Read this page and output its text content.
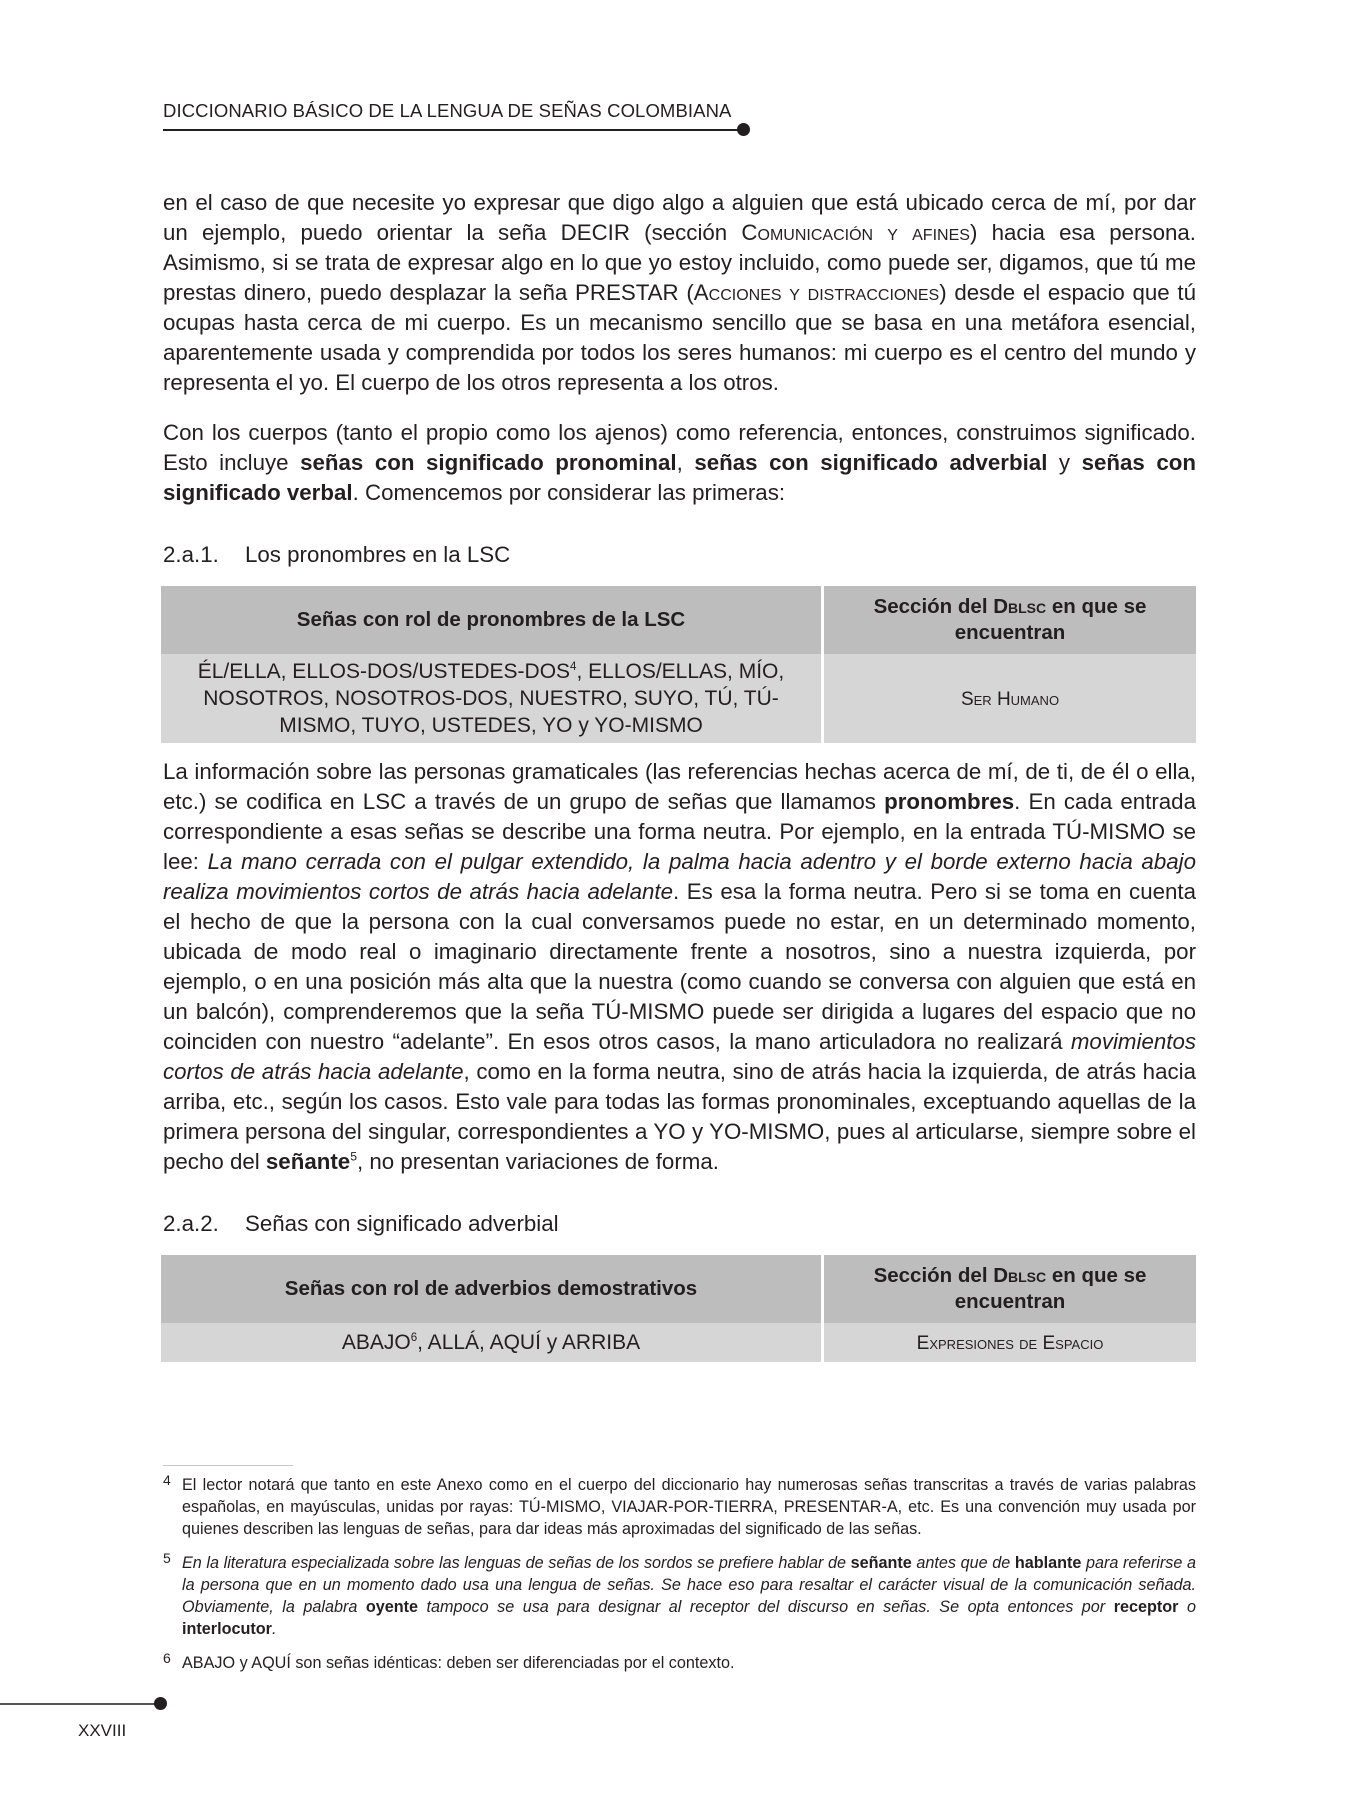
DICCIONARIO BÁSICO DE LA LENGUA DE SEÑAS COLOMBIANA

en el caso de que necesite yo expresar que digo algo a alguien que está ubicado cerca de mí, por dar un ejemplo, puedo orientar la seña DECIR (sección Comunicación y afines) hacia esa persona. Asimismo, si se trata de expresar algo en lo que yo estoy incluido, como puede ser, digamos, que tú me prestas dinero, puedo desplazar la seña PRESTAR (Acciones y distracciones) desde el espacio que tú ocupas hasta cerca de mi cuerpo. Es un mecanismo sencillo que se basa en una metáfora esencial, aparentemente usada y comprendida por todos los seres humanos: mi cuerpo es el centro del mundo y representa el yo. El cuerpo de los otros representa a los otros.

Con los cuerpos (tanto el propio como los ajenos) como referencia, entonces, construimos significado. Esto incluye señas con significado pronominal, señas con significado adverbial y señas con significado verbal. Comencemos por considerar las primeras:

2.a.1. Los pronombres en la LSC
Señas con rol de pronombres de la LSC	Sección del Dblsc en que se encuentran
ÉL/ELLA, ELLOS-DOS/USTEDES-DOS$^4$, ELLOS/ELLAS, MÍO, NOSOTROS, NOSOTROS-DOS, NUESTRO, SUYO, TÚ, TÚ-MISMO, TUYO, USTEDES, YO y YO-MISMO	Ser Humano

La información sobre las personas gramaticales (las referencias hechas acerca de mí, de ti, de él o ella, etc.) se codifica en LSC a través de un grupo de señas que llamamos pronombres. En cada entrada correspondiente a esas señas se describe una forma neutra. Por ejemplo, en la entrada TÚ-MISMO se lee: La mano cerrada con el pulgar extendido, la palma hacia adentro y el borde externo hacia abajo realiza movimientos cortos de atrás hacia adelante. Es esa la forma neutra. Pero si se toma en cuenta el hecho de que la persona con la cual conversamos puede no estar, en un determinado momento, ubicada de modo real o imaginario directamente frente a nosotros, sino a nuestra izquierda, por ejemplo, o en una posición más alta que la nuestra (como cuando se conversa con alguien que está en un balcón), comprenderemos que la seña TÚ-MISMO puede ser dirigida a lugares del espacio que no coinciden con nuestro “adelante”. En esos otros casos, la mano articuladora no realizará movimientos cortos de atrás hacia adelante, como en la forma neutra, sino de atrás hacia la izquierda, de atrás hacia arriba, etc., según los casos. Esto vale para todas las formas pronominales, exceptuando aquellas de la primera persona del singular, correspondientes a YO y YO-MISMO, pues al articularse, siempre sobre el pecho del señante$^5$, no presentan variaciones de forma.

2.a.2. Señas con significado adverbial
Señas con rol de adverbios demostrativos	Sección del Dblsc en que se encuentran
ABAJO$^6$, ALLÁ, AQUÍ y ARRIBA	Expresiones de Espacio
4 El lector notará que tanto en este Anexo como en el cuerpo del diccionario hay numerosas señas transcritas a través de varias palabras españolas, en mayúsculas, unidas por rayas: TÚ-MISMO, VIAJAR-POR-TIERRA, PRESENTAR-A, etc. Es una convención muy usada por quienes describen las lenguas de señas, para dar ideas más aproximadas del significado de las señas.
5 En la literatura especializada sobre las lenguas de señas de los sordos se prefiere hablar de señante antes que de hablante para referirse a la persona que en un momento dado usa una lengua de señas. Se hace eso para resaltar el carácter visual de la comunicación señada. Obviamente, la palabra oyente tampoco se usa para designar al receptor del discurso en señas. Se opta entonces por receptor o interlocutor.
6 ABAJO y AQUÍ son señas idénticas: deben ser diferenciadas por el contexto.
XXVIII
